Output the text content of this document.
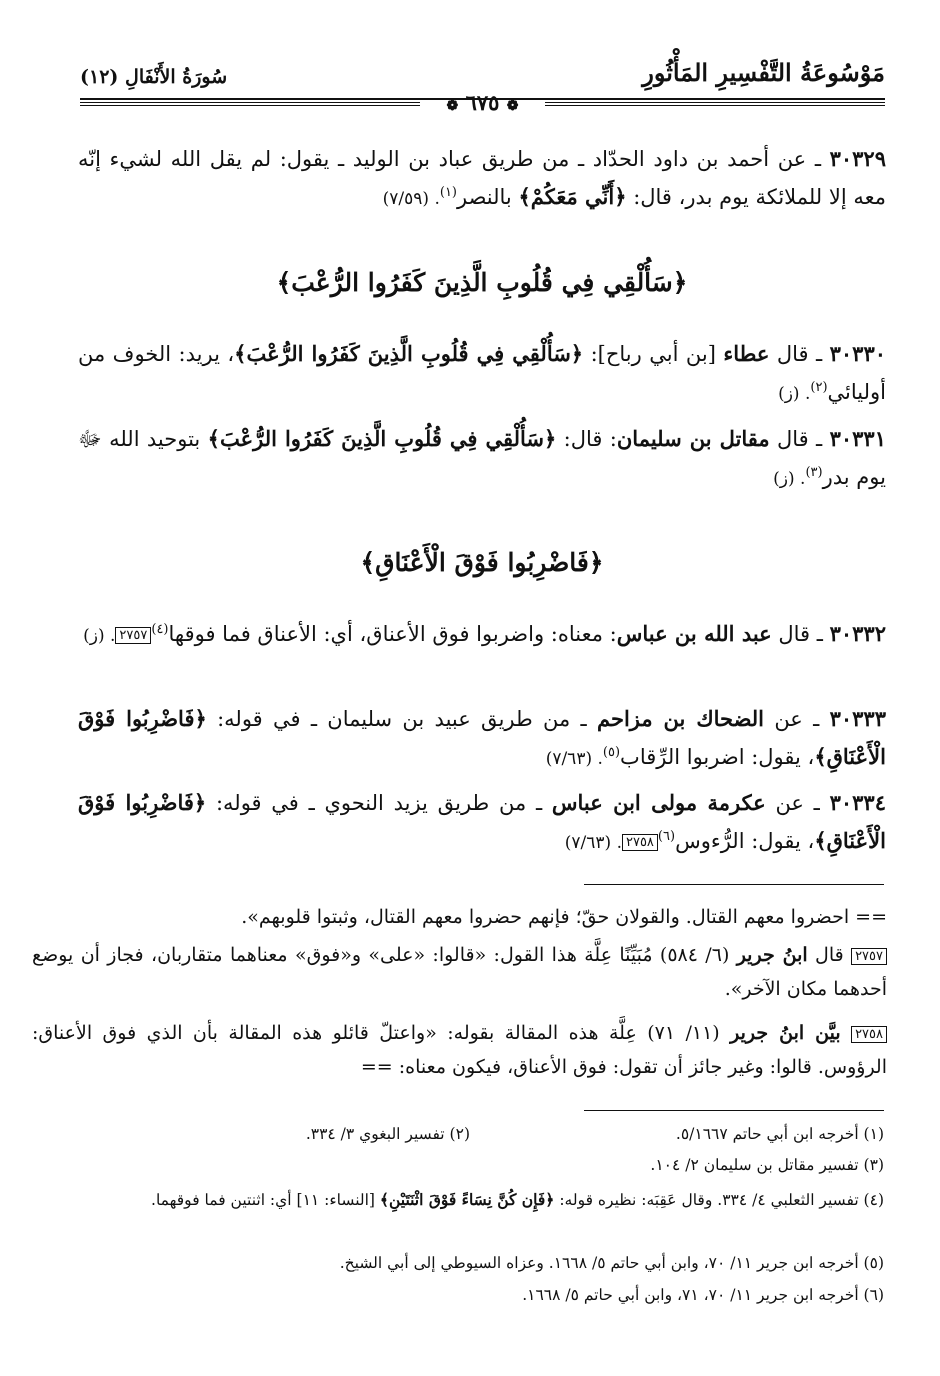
مَوْسُوعَةُ التَّفْسِيرِ المَأْثُورِ
سُورَةُ الأَنْفَالِ (١٢)
❁ ٦٧٥ ❁
٣٠٣٢٩ ـ عن أحمد بن داود الحدّاد ـ من طريق عباد بن الوليد ـ يقول: لم يقل الله لشيء إنّه معه إلا للملائكة يوم بدر، قال: ﴿أَنِّي مَعَكُمْ﴾ بالنصر$^{(١)}$. (٧/٥٩)
﴿سَأُلْقِي فِي قُلُوبِ الَّذِينَ كَفَرُوا الرُّعْبَ﴾
٣٠٣٣٠ ـ قال عطاء [بن أبي رباح]: ﴿سَأُلْقِي فِي قُلُوبِ الَّذِينَ كَفَرُوا الرُّعْبَ﴾، يريد: الخوف من أوليائي$^{(٢)}$. (ز)
٣٠٣٣١ ـ قال مقاتل بن سليمان: قال: ﴿سَأُلْقِي فِي قُلُوبِ الَّذِينَ كَفَرُوا الرُّعْبَ﴾ بتوحيد الله ﷻ يوم بدر$^{(٣)}$. (ز)
﴿فَاضْرِبُوا فَوْقَ الْأَعْنَاقِ﴾
٣٠٣٣٢ ـ قال عبد الله بن عباس: معناه: واضربوا فوق الأعناق، أي: الأعناق فما فوقها$^{(٤)}$٢٧٥٧. (ز)
٣٠٣٣٣ ـ عن الضحاك بن مزاحم ـ من طريق عبيد بن سليمان ـ في قوله: ﴿فَاضْرِبُوا فَوْقَ الْأَعْنَاقِ﴾، يقول: اضربوا الرِّقاب$^{(٥)}$. (٧/٦٣)
٣٠٣٣٤ ـ عن عكرمة مولى ابن عباس ـ من طريق يزيد النحوي ـ في قوله: ﴿فَاضْرِبُوا فَوْقَ الْأَعْنَاقِ﴾، يقول: الرُّءوس$^{(٦)}$٢٧٥٨. (٧/٦٣)
== احضروا معهم القتال. والقولان حقّ؛ فإنهم حضروا معهم القتال، وثبتوا قلوبهم».
٢٧٥٧ قال ابنُ جرير (٦/ ٥٨٤) مُبَيِّنًا عِلَّة هذا القول: «قالوا: «على» و«فوق» معناهما متقاربان، فجاز أن يوضع أحدهما مكان الآخر».
٢٧٥٨ بيَّن ابنُ جرير (١١/ ٧١) عِلَّة هذه المقالة بقوله: «واعتلّ قائلو هذه المقالة بأن الذي فوق الأعناق: الرؤوس. قالوا: وغير جائز أن تقول: فوق الأعناق، فيكون معناه: ==
(١) أخرجه ابن أبي حاتم ٥/١٦٦٧.
(٢) تفسير البغوي ٣/ ٣٣٤.
(٣) تفسير مقاتل بن سليمان ٢/ ١٠٤.
(٤) تفسير الثعلبي ٤/ ٣٣٤. وقال عَقِبَه: نظيره قوله: ﴿فَإِن كُنَّ نِسَاءً فَوْقَ اثْنَتَيْنِ﴾ [النساء: ١١] أي: اثنتين فما فوقهما.
(٥) أخرجه ابن جرير ١١/ ٧٠، وابن أبي حاتم ٥/ ١٦٦٨. وعزاه السيوطي إلى أبي الشيخ.
(٦) أخرجه ابن جرير ١١/ ٧٠، ٧١، وابن أبي حاتم ٥/ ١٦٦٨.
